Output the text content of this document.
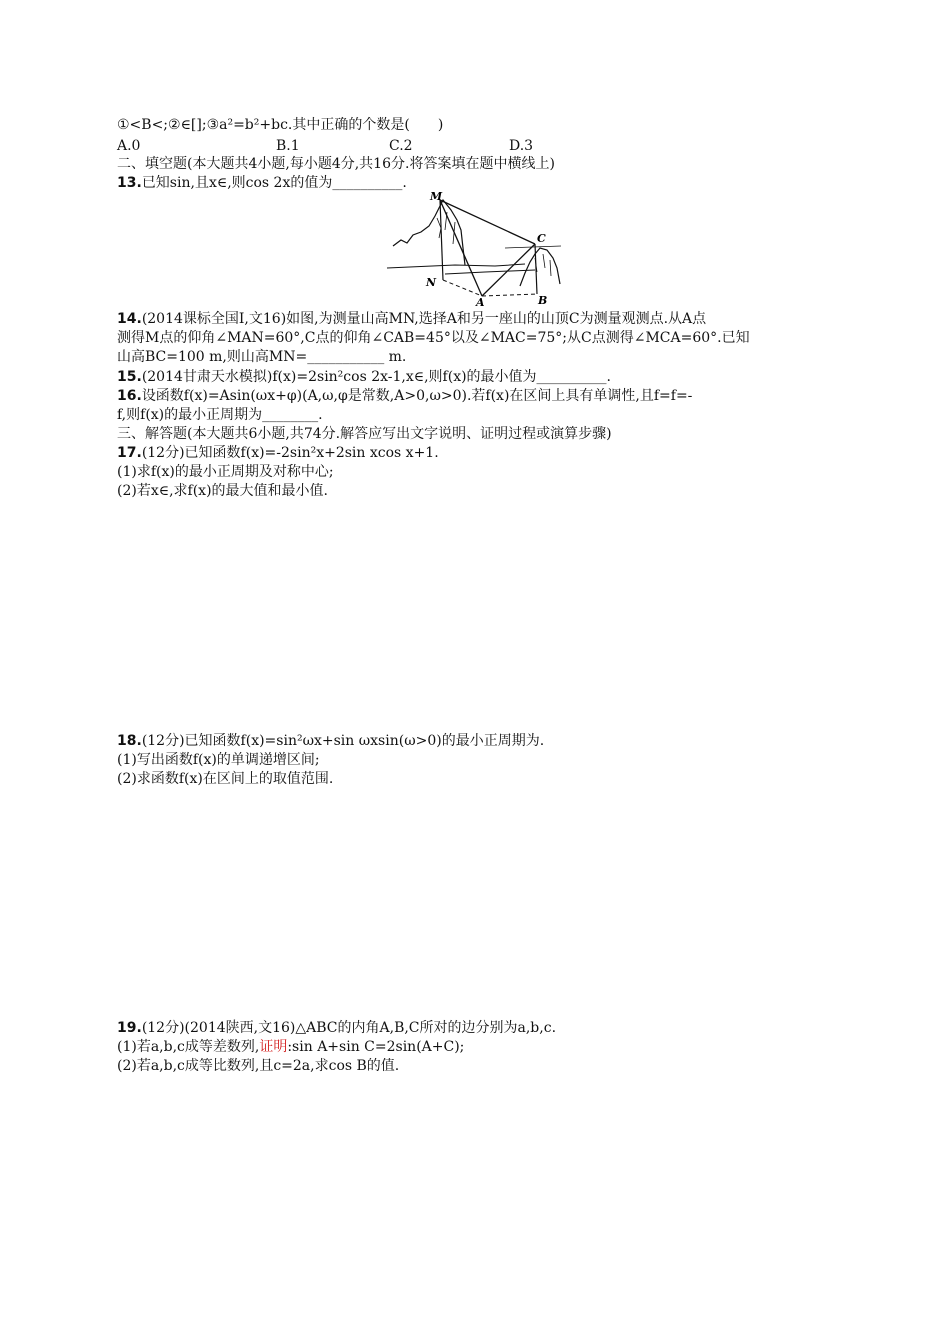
①<B<;②∈[];③a²=b²+bc.其中正确的个数是(　　)
A.0	B.1	C.2	D.3
二、填空题(本大题共4小题,每小题4分,共16分.将答案填在题中横线上)
13.已知sin,且x∈,则cos 2x的值为__________.
M
C
N
A	B
14.(2014课标全国Ⅰ,文16)如图,为测量山高MN,选择A和另一座山的山顶C为测量观测点.从A点
测得M点的仰角∠MAN=60°,C点的仰角∠CAB=45°以及∠MAC=75°;从C点测得∠MCA=60°.已知
山高BC=100 m,则山高MN=___________ m.
15.(2014甘肃天水模拟)f(x)=2sin²cos 2x-1,x∈,则f(x)的最小值为__________.
16.设函数f(x)=Asin(ωx+φ)(A,ω,φ是常数,A>0,ω>0).若f(x)在区间上具有单调性,且f=f=-
f,则f(x)的最小正周期为________.
三、解答题(本大题共6小题,共74分.解答应写出文字说明、证明过程或演算步骤)
17.(12分)已知函数f(x)=-2sin²x+2sin xcos x+1.
(1)求f(x)的最小正周期及对称中心;
(2)若x∈,求f(x)的最大值和最小值.
18.(12分)已知函数f(x)=sin²ωx+sin ωxsin(ω>0)的最小正周期为.
(1)写出函数f(x)的单调递增区间;
(2)求函数f(x)在区间上的取值范围.
19.(12分)(2014陕西,文16)△ABC的内角A,B,C所对的边分别为a,b,c.
(1)若a,b,c成等差数列,证明:sin A+sin C=2sin(A+C);
(2)若a,b,c成等比数列,且c=2a,求cos B的值.
